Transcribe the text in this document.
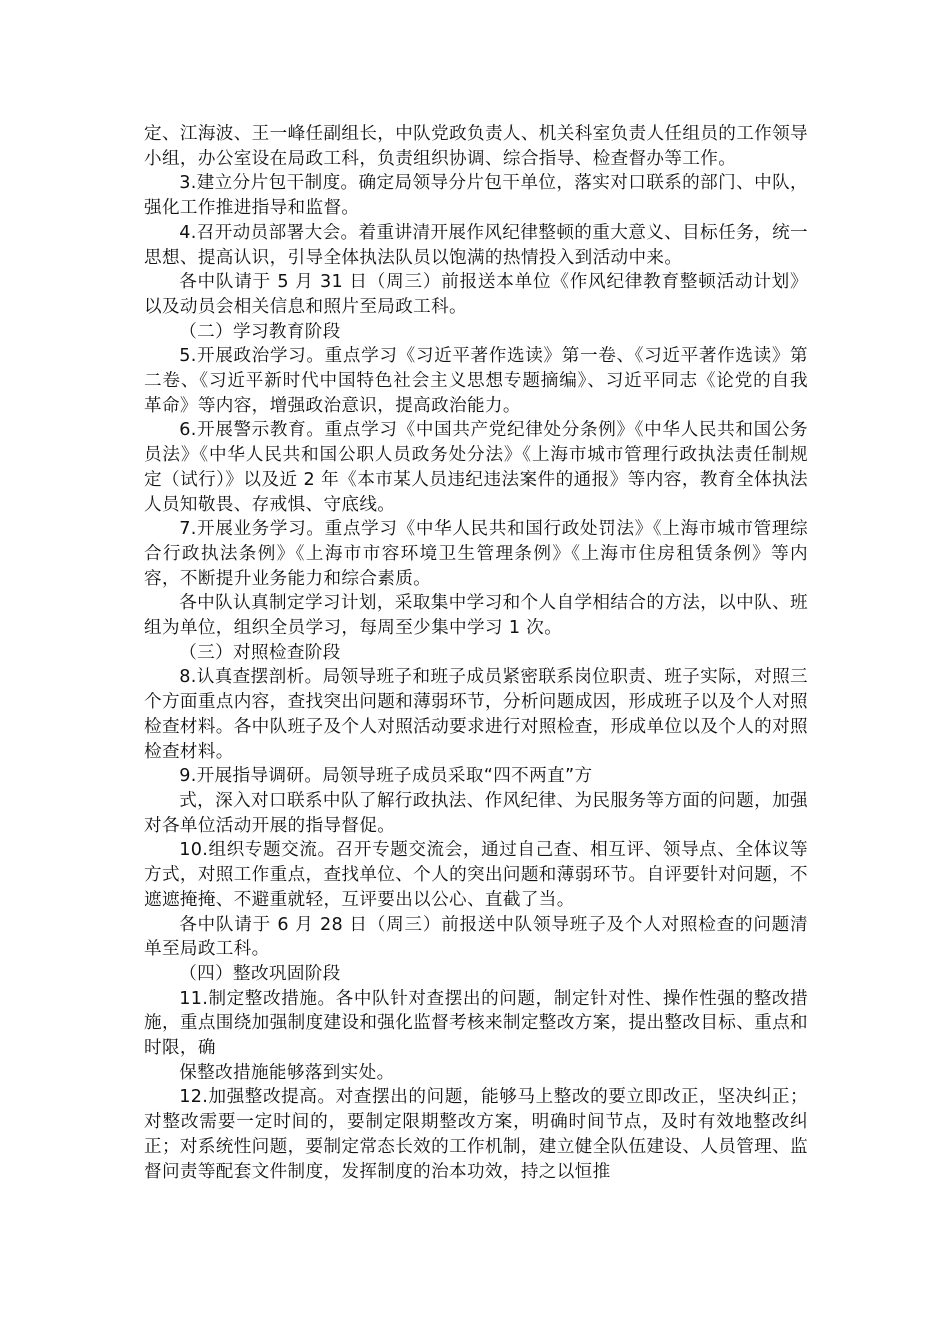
定、江海波、王一峰任副组长，中队党政负责人、机关科室负责人任组员的工作领导小组，办公室设在局政工科，负责组织协调、综合指导、检查督办等工作。

3.建立分片包干制度。确定局领导分片包干单位，落实对口联系的部门、中队，强化工作推进指导和监督。

4.召开动员部署大会。着重讲清开展作风纪律整顿的重大意义、目标任务，统一思想、提高认识，引导全体执法队员以饱满的热情投入到活动中来。

各中队请于 5 月 31 日（周三）前报送本单位《作风纪律教育整顿活动计划》以及动员会相关信息和照片至局政工科。

（二）学习教育阶段

5.开展政治学习。重点学习《习近平著作选读》第一卷、《习近平著作选读》第二卷、《习近平新时代中国特色社会主义思想专题摘编》、习近平同志《论党的自我革命》等内容，增强政治意识，提高政治能力。

6.开展警示教育。重点学习《中国共产党纪律处分条例》《中华人民共和国公务员法》《中华人民共和国公职人员政务处分法》《上海市城市管理行政执法责任制规定（试行）》以及近 2 年《本市某人员违纪违法案件的通报》等内容，教育全体执法人员知敬畏、存戒惧、守底线。

7.开展业务学习。重点学习《中华人民共和国行政处罚法》《上海市城市管理综合行政执法条例》《上海市市容环境卫生管理条例》《上海市住房租赁条例》等内容，不断提升业务能力和综合素质。

各中队认真制定学习计划，采取集中学习和个人自学相结合的方法，以中队、班组为单位，组织全员学习，每周至少集中学习 1 次。

（三）对照检查阶段

8.认真查摆剖析。局领导班子和班子成员紧密联系岗位职责、班子实际，对照三个方面重点内容，查找突出问题和薄弱环节，分析问题成因，形成班子以及个人对照检查材料。各中队班子及个人对照活动要求进行对照检查，形成单位以及个人的对照检查材料。

9.开展指导调研。局领导班子成员采取“四不两直”方

式，深入对口联系中队了解行政执法、作风纪律、为民服务等方面的问题，加强对各单位活动开展的指导督促。

10.组织专题交流。召开专题交流会，通过自己查、相互评、领导点、全体议等方式，对照工作重点，查找单位、个人的突出问题和薄弱环节。自评要针对问题，不遮遮掩掩、不避重就轻，互评要出以公心、直截了当。

各中队请于 6 月 28 日（周三）前报送中队领导班子及个人对照检查的问题清单至局政工科。

（四）整改巩固阶段

11.制定整改措施。各中队针对查摆出的问题，制定针对性、操作性强的整改措施，重点围绕加强制度建设和强化监督考核来制定整改方案，提出整改目标、重点和时限，确

保整改措施能够落到实处。

12.加强整改提高。对查摆出的问题，能够马上整改的要立即改正，坚决纠正；对整改需要一定时间的，要制定限期整改方案，明确时间节点，及时有效地整改纠正；对系统性问题，要制定常态长效的工作机制，建立健全队伍建设、人员管理、监督问责等配套文件制度，发挥制度的治本功效，持之以恒推
